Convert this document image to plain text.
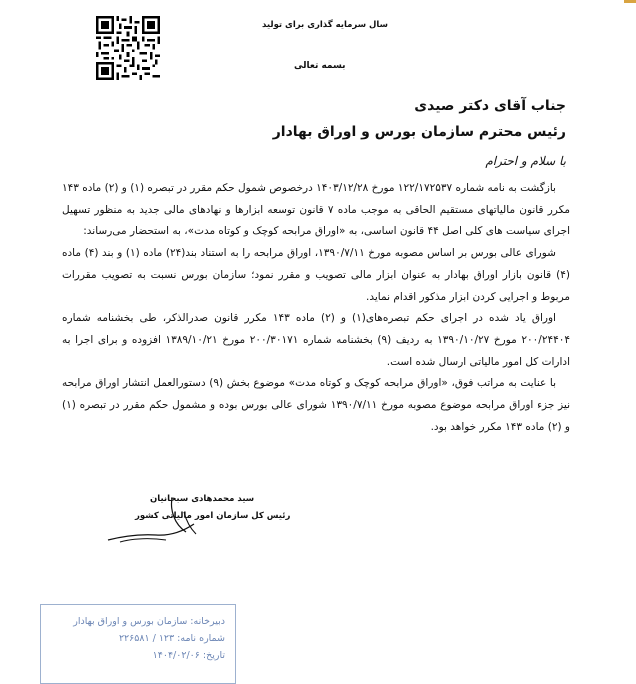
سال سرمایه گذاری برای تولید
بسمه تعالی
جناب آقای دکتر صیدی
رئیس محترم سازمان بورس و اوراق بهادار
با سلام و احترام
بازگشت به نامه شماره ۱۲۲/۱۷۲۵۳۷ مورخ ۱۴۰۳/۱۲/۲۸ درخصوص شمول حکم مقرر در تبصره (۱) و (۲) ماده ۱۴۳ مکرر قانون مالیاتهای مستقیم الحاقی به موجب ماده ۷ قانون توسعه ابزارها و نهادهای مالی جدید به منظور تسهیل اجرای سیاست های کلی اصل ۴۴ قانون اساسی، به «اوراق مرابحه کوچک و کوتاه مدت»، به استحضار می‌رساند:
شورای عالی بورس بر اساس مصوبه مورخ ۱۳۹۰/۷/۱۱، اوراق مرابحه را به استناد بند(۲۴) ماده (۱) و بند (۴) ماده (۴) قانون بازار اوراق بهادار به عنوان ابزار مالی تصویب و مقرر نمود؛ سازمان بورس نسبت به تصویب مقررات مربوط و اجرایی کردن ابزار مذکور اقدام نماید.
اوراق یاد شده در اجرای حکم تبصره‌های(۱) و (۲) ماده ۱۴۳ مکرر قانون صدرالذکر، طی بخشنامه شماره ۲۰۰/۲۴۴۰۴ مورخ ۱۳۹۰/۱۰/۲۷ به ردیف (۹) بخشنامه شماره ۲۰۰/۳۰۱۷۱ مورخ ۱۳۸۹/۱۰/۲۱ افزوده و برای اجرا به ادارات کل امور مالیاتی ارسال شده است.
با عنایت به مراتب فوق، «اوراق مرابحه کوچک و کوتاه مدت» موضوع بخش (۹) دستورالعمل انتشار اوراق مرابحه نیز جزء اوراق مرابحه موضوع مصوبه مورخ ۱۳۹۰/۷/۱۱ شورای عالی بورس بوده و مشمول حکم مقرر در تبصره (۱) و (۲) ماده ۱۴۳ مکرر خواهد بود.
سید محمدهادی سبحانیان
رئیس کل سازمان امور مالیاتی کشور
دبیرخانه: سازمان بورس و اوراق بهادار
شماره نامه: ۱۲۳ / ۲۲۶۵۸۱
تاریخ: ۱۴۰۴/۰۲/۰۶
